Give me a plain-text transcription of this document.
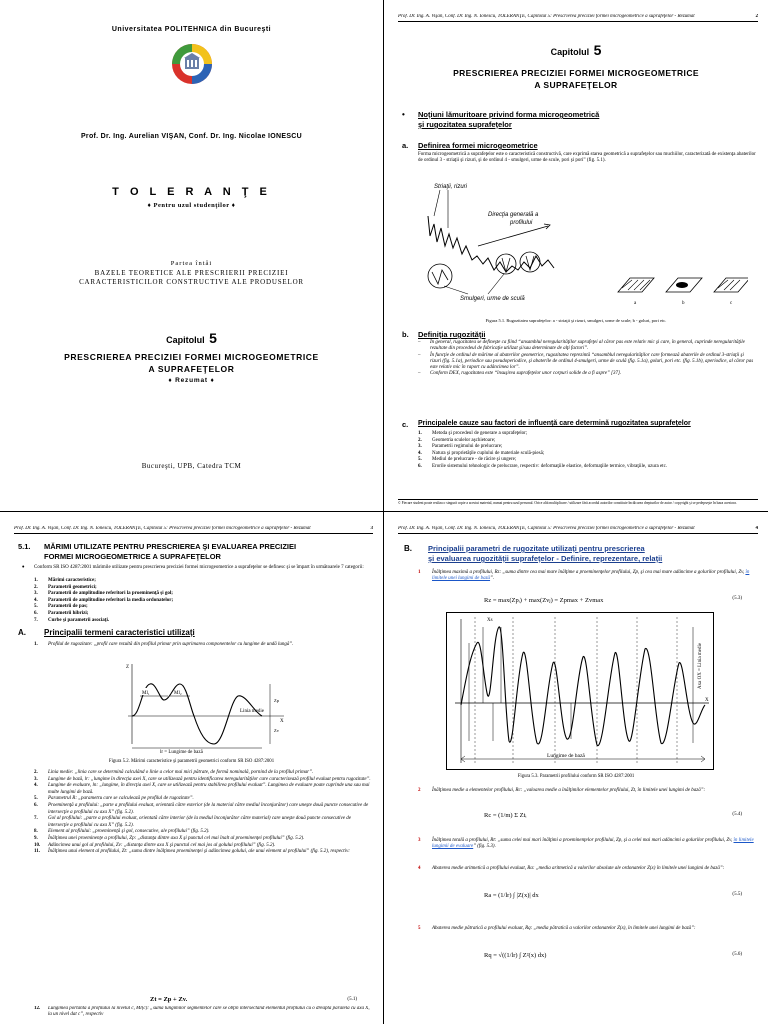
Universitatea POLITEHNICA din Bucureşti
Prof. Dr. Ing. Aurelian VIŞAN, Conf. Dr. Ing. Nicolae IONESCU
T O L E R A N Ţ E
♦ Pentru uzul studenţilor ♦
Partea întâi
BAZELE TEORETICE ALE PRESCRIERII PRECIZIEI
CARACTERISTICILOR CONSTRUCTIVE ALE PRODUSELOR
Capitolul 5
PRESCRIEREA PRECIZIEI FORMEI MICROGEOMETRICE
A SUPRAFEŢELOR
♦ Rezumat ♦
Bucureşti, UPB, Catedra TCM
Prof. Dr. Ing. A. Vişan, Conf. Dr. Ing. N. Ionescu, TOLERANŢE, Capitolul 5: Prescrierea preciziei formei microgeometrice a suprafeţelor - Rezumat	2
Capitolul 5
PRESCRIEREA PRECIZIEI FORMEI MICROGEOMETRICE
A SUPRAFEŢELOR
• Noţiuni lămuritoare privind forma microgeometrică
şi rugozitatea suprafeţelor
a. Definirea formei microgeometrice
Forma microgeometrică a suprafeţelor este o caracteristică constructivă, care exprimă starea geometrică a suprafeţelor sau muchiilor, caracterizată de existenţa abaterilor de ordinul 3 - striaţii şi rizuri, şi de ordinul 4 - smulgeri, urme de scule, pori şi pori” (fig. 5.1).
Striaţii, rizuri
Direcţia generală a
profilului
Smulgeri, urme de sculă
a	b	c
Figura 5.1. Rugozitatea suprafeţelor: a - striaţii şi rizuri, smulgeri, urme de scule; b - goluri, pori etc.
b. Definiţia rugozităţii
– În general, rugozitatea se defineşte ca fiind “ansamblul neregularităţilor suprafeţei al căror pas este relativ mic şi care, în general, cuprinde neregularităţile rezultate din procedeul de fabricaţie utilizat şi/sau determinate de alţi factori”.
– În funcţie de ordinul de mărime al abaterilor geometrice, rugozitatea reprezintă “ansamblul neregularităţilor care formează abaterile de ordinul 3-striaţii şi rizuri (fig. 5.1a), periodice sau pseudoperiodice, şi abaterile de ordinul 4-smulgeri, urme de sculă (fig. 5.1a), goluri, pori etc. (fig. 5.1b), aperiodice, al căror pas este relativ mic în raport cu adâncimea lor”.
– Conform DEX, rugozitatea este “însuşirea suprafeţelor unor corpuri solide de a fi aspre” [37].
c. Principalele cauze sau factori de influenţă care determină rugozitatea suprafeţelor
1. Metoda şi procedeul de generare a suprafeţelor;
2. Geometria sculelor aşchietoare;
3. Parametrii regimului de prelucrare;
4. Natura şi proprietăţile cuplului de materiale sculă-piesă;
5. Mediul de prelucrare - de răcire şi ungere;
6. Erorile sistemului tehnologic de prelucrare, respectiv: deformaţiile elastice, deformaţiile termice, vibraţiile, uzura etc.
© Fiecare student poate realiza o singură copie a acestui material, numai pentru uzul personal. Orice altă multiplicare / utilizare fără acordul autorilor constituie încălcarea drepturilor de autor / copyright şi se pedepseşte în baza acestora.
Prof. Dr. Ing. A. Vişan, Conf. Dr. Ing. N. Ionescu, TOLERANŢE, Capitolul 5: Prescrierea preciziei formei microgeometrice a suprafeţelor - Rezumat	3
5.1. MĂRIMI UTILIZATE PENTRU PRESCRIEREA ŞI EVALUAREA PRECIZIEI
FORMEI MICROGEOMETRICE A SUPRAFEŢELOR
• Conform SR ISO 4287:2001 mărimile utilizate pentru prescrierea preciziei formei microgeometrice a suprafeţelor se definesc şi se împart în următoarele 7 categorii:
1. Mărimi caracteristice;
2. Parametrii geometrici;
3. Parametrii de amplitudine referitori la proeminenţă şi gol;
4. Parametrii de amplitudine referitori la media ordonatelor;
5. Parametrii de pas;
6. Parametrii hibrizi;
7. Curbe şi parametrii asociaţi.
A. Principalii termeni caracteristici utilizaţi
1. Profilul de rugozitate: „profil care rezultă din profilul primar prin suprimarea componentelor cu lungime de undă lungă”.
Ml₁	Ml₂
Z
X
Linia medie
Zp
Zv
lr = Lungime de bază
Figura 5.2. Mărimi caracteristice şi parametrii geometrici conform SR ISO 4287:2001
2. Linia medie: „linia care se determină calculând o linie a celor mai mici pătrate, de formă nominală, pornind de la profilul primar”.
3. Lungime de bază, lr: „lungime în direcţia axei X, care se utilizează pentru identificarea neregularităţilor care caracterizează profilul evaluat pentru rugozitate”.
4. Lungime de evaluare, ln: „lungime, în direcţia axei X, care se utilizează pentru stabilirea profilului evaluat”. Lungimea de evaluare poate cuprinde una sau mai multe lungimi de bază.
5. Parametrul R: „parametru care se calculează pe profilul de rugozitate”.
6. Proeminenţă a profilului: „parte a profilului evaluat, orientată către exterior (de la material către mediul înconjurător) care uneşte două puncte consecutive de intersecţie a profilului cu axa X” (fig. 5.2).
7. Gol al profilului: „parte a profilului evaluat, orientată către interior (de la mediul înconjurător către material) care uneşte două puncte consecutive de intersecţie a profilului cu axa X” (fig. 5.2).
8. Element al profilului: „proeminenţă şi gol, consecutive, ale profilului” (fig. 5.2).
9. Înălţimea unei proeminenţe a profilului, Zp: „distanţa dintre axa X şi punctul cel mai înalt al proeminenţei profilului” (fig. 5.2).
10. Adâncimea unui gol al profilului, Zv: „distanţa dintre axa X şi punctul cel mai jos al golului profilului” (fig. 5.2).
11. Înălţimea unui element al profilului, Zt: „suma dintre înălţimea proeminenţei şi adâncimea golului, ale unui element al profilului” (fig. 5.2), respectiv:
Zt = Zp + Zv.	(5.1)
12. Lungimea portantă a profilului la nivelul c, Ml(c): „suma lungimilor segmentelor care se obţin intersectând elementul profilului cu o dreaptă paralelă cu axa X, la un nivel dat c”, respectiv
Prof. Dr. Ing. A. Vişan, Conf. Dr. Ing. N. Ionescu, TOLERANŢE, Capitolul 5: Prescrierea preciziei formei microgeometrice a suprafeţelor - Rezumat	4
B. Principalii parametri de rugozitate utilizaţi pentru prescrierea
şi evaluarea rugozităţii suprafeţelor - Definire, reprezentare, relaţii
1 Înălţimea maximă a profilului, Rz: „suma dintre cea mai mare înălţime a proeminenţelor profilului, Zp, şi cea mai mare adâncime a golurilor profilului, Zv, în limitele unei lungimi de bază”.
Rz = max(Zpᵢ) + max(Zvⱼ) = Zpmax + Zvmax	(5.3)
Axa OX = Linia medie
Lungime de bază
Xs
X
Figura 5.3. Parametrii profilului conform SR ISO 4287:2001
2 Înălţimea medie a elementelor profilului, Rc: „valoarea medie a înălţimilor elementelor profilului, Zt, în limitele unei lungimi de bază”:
Rc = (1/m) Σ Ztᵢ	(5.4)
3 Înălţimea totală a profilului, Rt: „suma celei mai mari înălţimi a proeminenţelor profilului, Zp, şi a celei mai mari adâncimi a golurilor profilului, Zv, în limitele lungimii de evaluare” (fig. 5.3).
4 Abaterea medie aritmetică a profilului evaluat, Ra: „media aritmetică a valorilor absolute ale ordonatelor Z(x) în limitele unei lungimi de bază”:
Ra = (1/lr) ∫ |Z(x)| dx	(5.5)
5 Abaterea medie pătratică a profilului evaluat, Rq: „media pătratică a valorilor ordonatelor Z(x), în limitele unei lungimi de bază”:
Rq = √((1/lr) ∫ Z²(x) dx)	(5.6)
